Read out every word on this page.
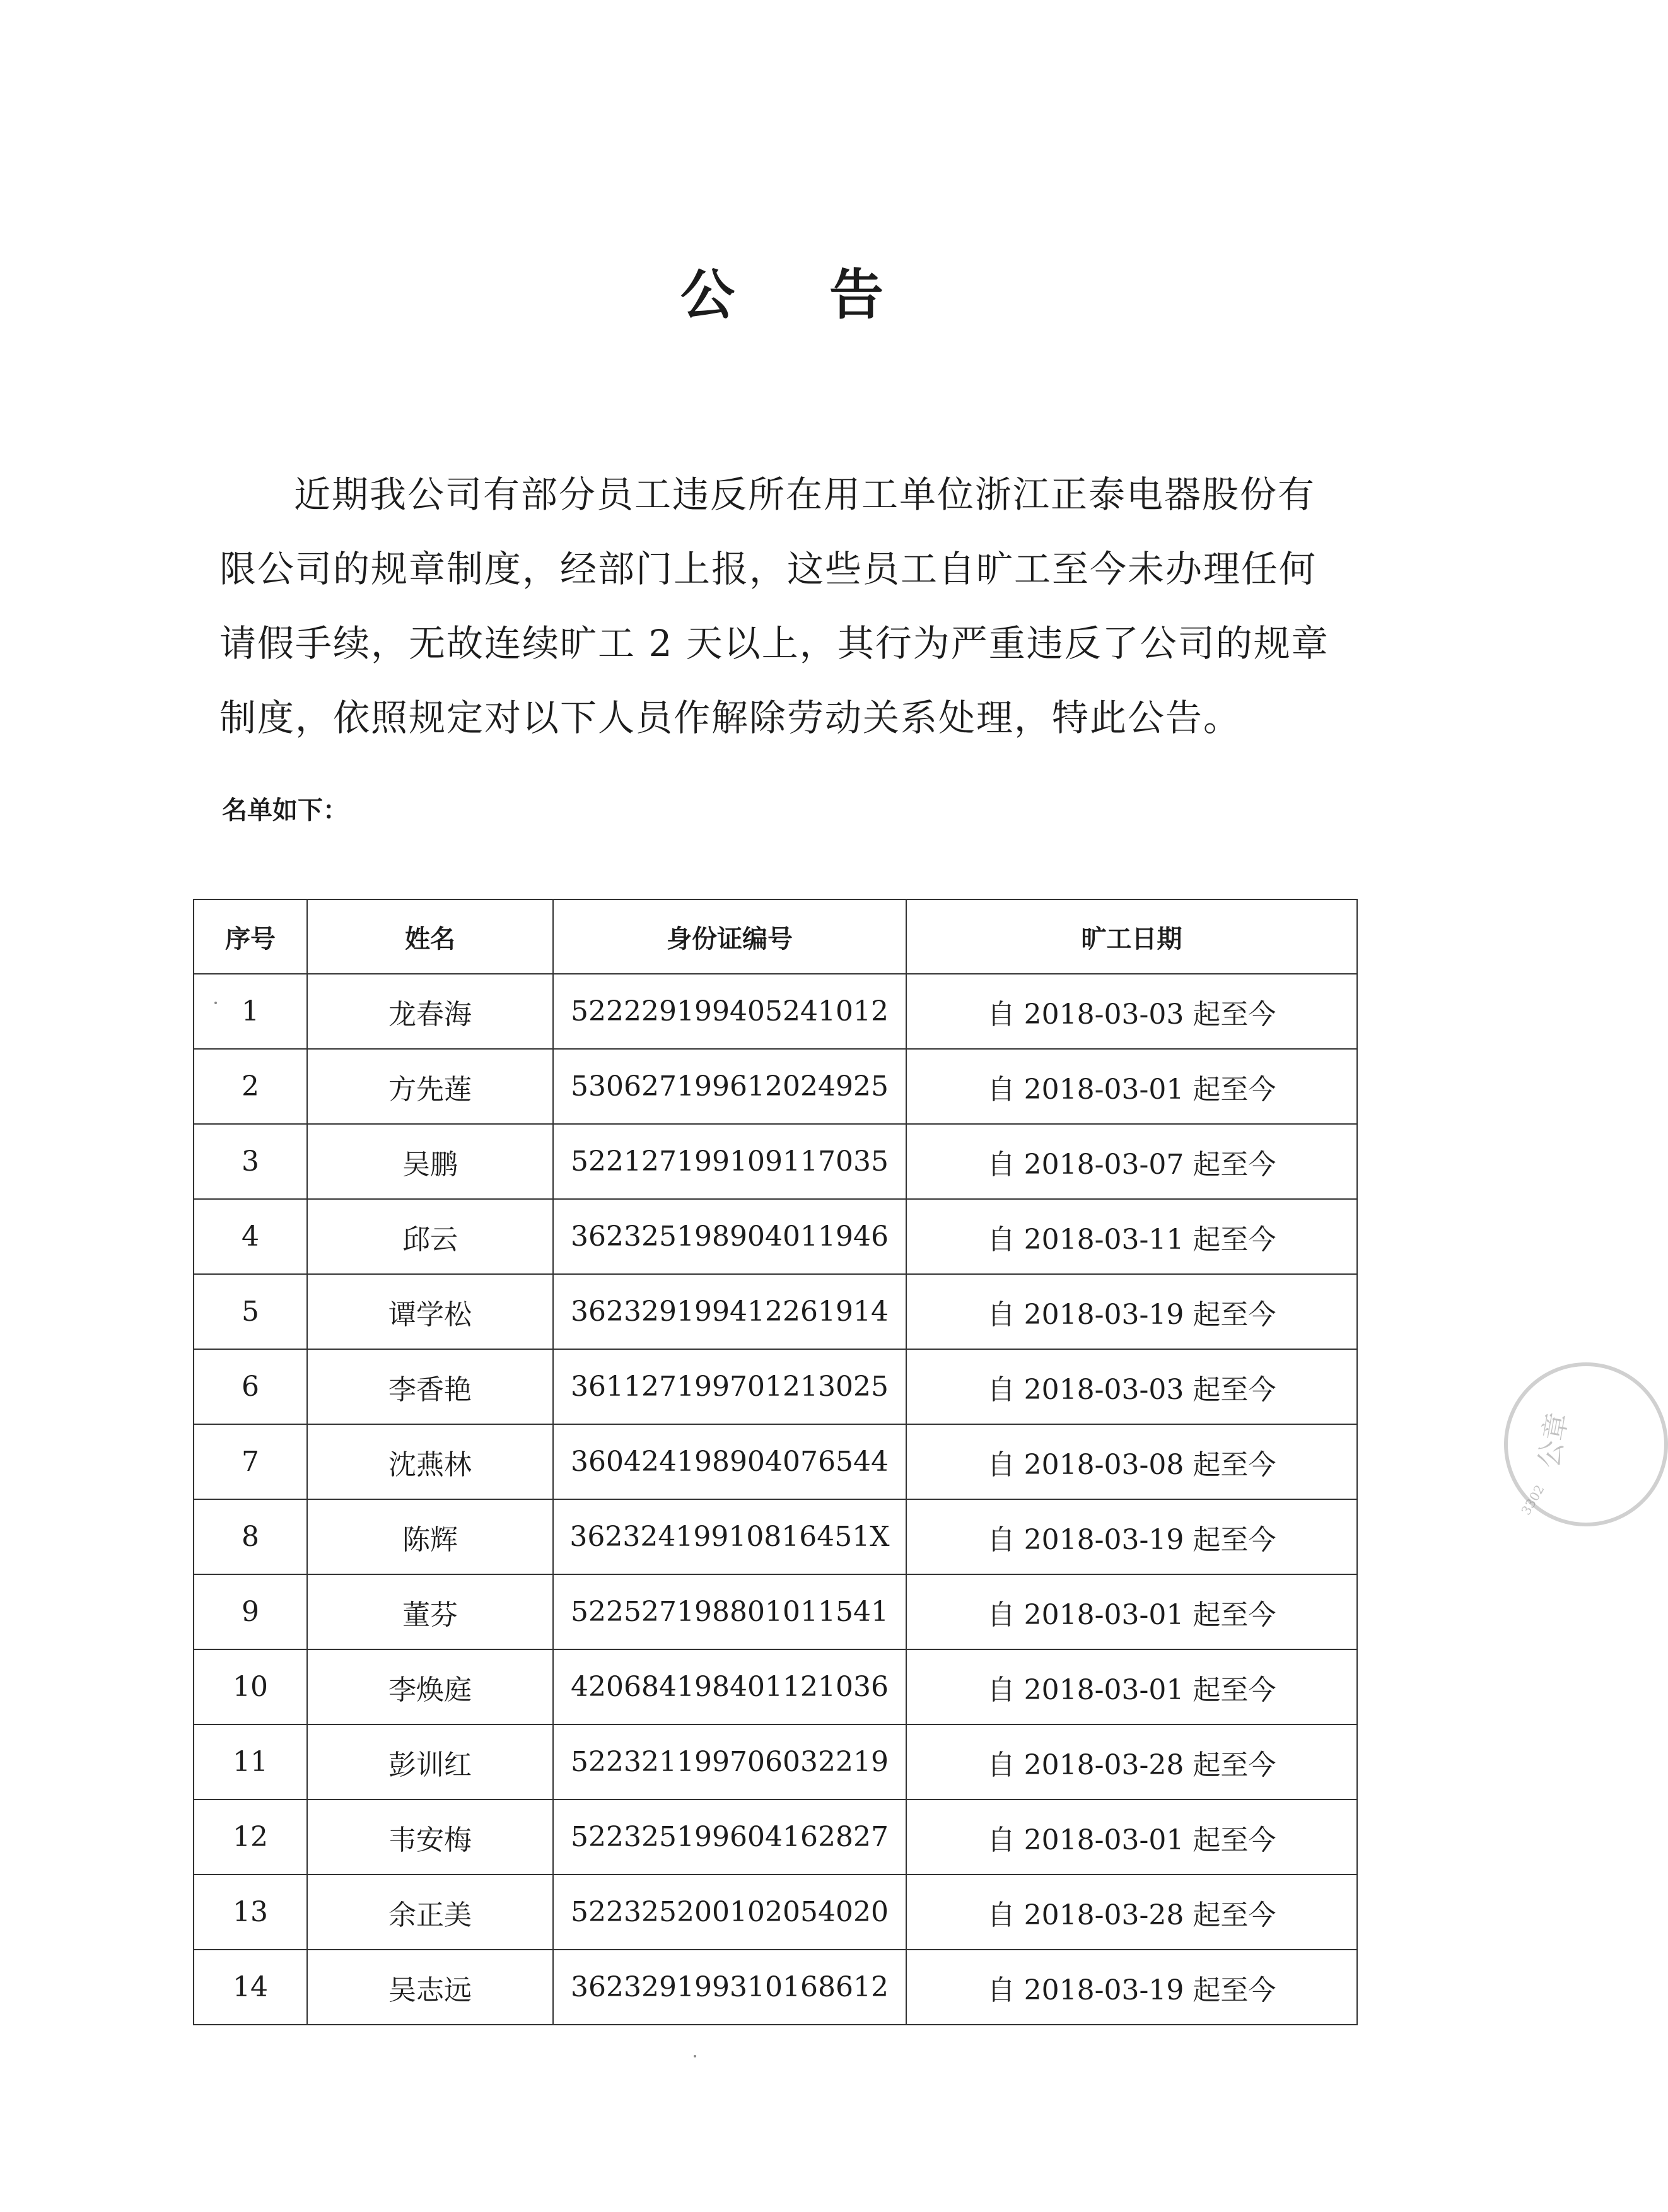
公 告

近期我公司有部分员工违反所在用工单位浙江正泰电器股份有限公司的规章制度，经部门上报，这些员工自旷工至今未办理任何请假手续，无故连续旷工 2 天以上，其行为严重违反了公司的规章制度，依照规定对以下人员作解除劳动关系处理，特此公告。

名单如下：
序号	姓名	身份证编号	旷工日期
1	龙春海	522229199405241012	自 2018-03-03 起至今
2	方先莲	530627199612024925	自 2018-03-01 起至今
3	吴鹏	522127199109117035	自 2018-03-07 起至今
4	邱云	362325198904011946	自 2018-03-11 起至今
5	谭学松	362329199412261914	自 2018-03-19 起至今
6	李香艳	361127199701213025	自 2018-03-03 起至今
7	沈燕林	360424198904076544	自 2018-03-08 起至今
8	陈辉	36232419910816451X	自 2018-03-19 起至今
9	董芬	522527198801011541	自 2018-03-01 起至今
10	李焕庭	420684198401121036	自 2018-03-01 起至今
11	彭训红	522321199706032219	自 2018-03-28 起至今
12	韦安梅	522325199604162827	自 2018-03-01 起至今
13	余正美	522325200102054020	自 2018-03-28 起至今
14	吴志远	362329199310168612	自 2018-03-19 起至今
公章
3302
